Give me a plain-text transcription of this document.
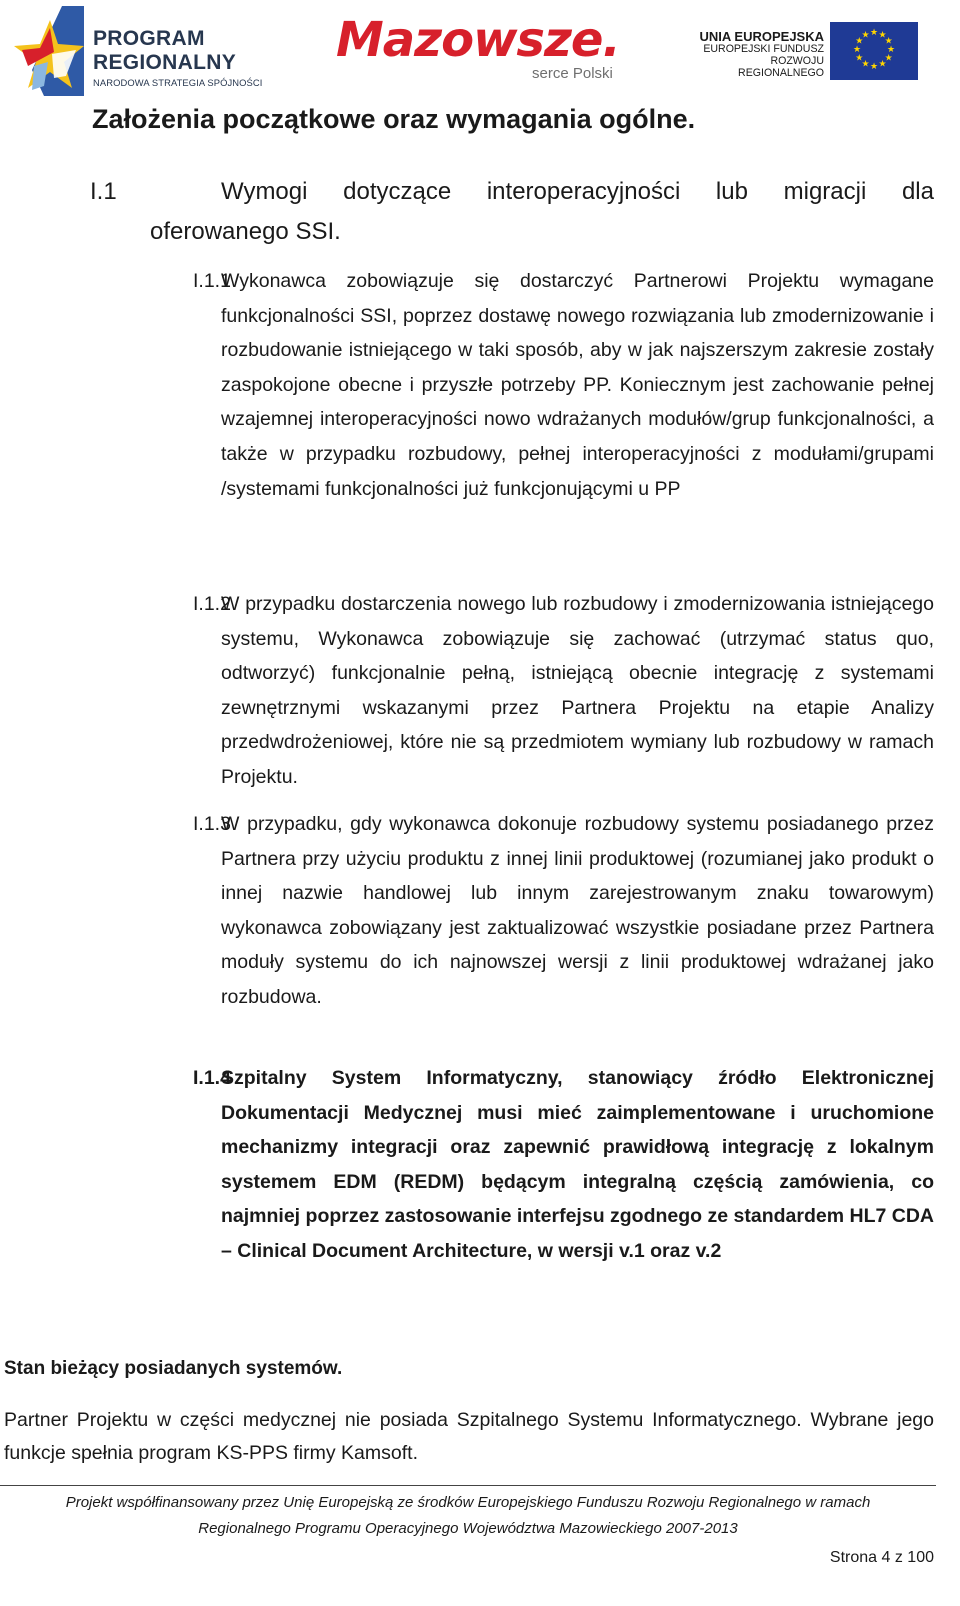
PROGRAM
REGIONALNY
NARODOWA STRATEGIA SPÓJNOŚCI
Mazowsze.
serce Polski
UNIA EUROPEJSKA
EUROPEJSKI FUNDUSZ
ROZWOJU REGIONALNEGO
★ ★
★
★
★
★
★
★
★
★
★
★
Założenia początkowe oraz wymagania ogólne.
I.1	Wymogi dotyczące interoperacyjności lub migracji dla oferowanego SSI.
I.1.1
Wykonawca zobowiązuje się dostarczyć Partnerowi Projektu wymagane funkcjonalności SSI, poprzez dostawę nowego rozwiązania lub zmodernizowanie i rozbudowanie istniejącego w taki sposób, aby w jak najszerszym zakresie zostały zaspokojone obecne i przyszłe potrzeby PP. Koniecznym jest zachowanie pełnej wzajemnej interoperacyjności nowo wdrażanych modułów/grup funkcjonalności, a także w przypadku rozbudowy, pełnej interoperacyjności z modułami/grupami /systemami funkcjonalności już funkcjonującymi u PP
I.1.2
W przypadku dostarczenia nowego lub rozbudowy i zmodernizowania istniejącego systemu, Wykonawca zobowiązuje się zachować (utrzymać status quo, odtworzyć) funkcjonalnie pełną, istniejącą obecnie integrację z systemami zewnętrznymi wskazanymi przez Partnera Projektu na etapie Analizy przedwdrożeniowej, które nie są przedmiotem wymiany lub rozbudowy w ramach Projektu.
I.1.3
W przypadku, gdy wykonawca dokonuje rozbudowy systemu posiadanego przez Partnera przy użyciu produktu z innej linii produktowej (rozumianej jako produkt o innej nazwie handlowej lub innym zarejestrowanym znaku towarowym) wykonawca zobowiązany jest zaktualizować wszystkie posiadane przez Partnera moduły systemu do ich najnowszej wersji z linii produktowej wdrażanej jako rozbudowa.
I.1.4
Szpitalny System Informatyczny, stanowiący źródło Elektronicznej Dokumentacji Medycznej musi mieć zaimplementowane i uruchomione mechanizmy integracji oraz zapewnić prawidłową integrację z lokalnym systemem EDM (REDM) będącym integralną częścią zamówienia, co najmniej poprzez zastosowanie interfejsu zgodnego ze standardem HL7 CDA – Clinical Document Architecture, w wersji v.1 oraz v.2
Stan bieżący posiadanych systemów.
Partner Projektu w części medycznej nie posiada Szpitalnego Systemu Informatycznego. Wybrane jego funkcje spełnia program KS-PPS firmy Kamsoft.
Projekt współfinansowany przez Unię Europejską ze środków Europejskiego Funduszu Rozwoju Regionalnego w ramach
Regionalnego Programu Operacyjnego Województwa Mazowieckiego 2007-2013
Strona 4 z 100
